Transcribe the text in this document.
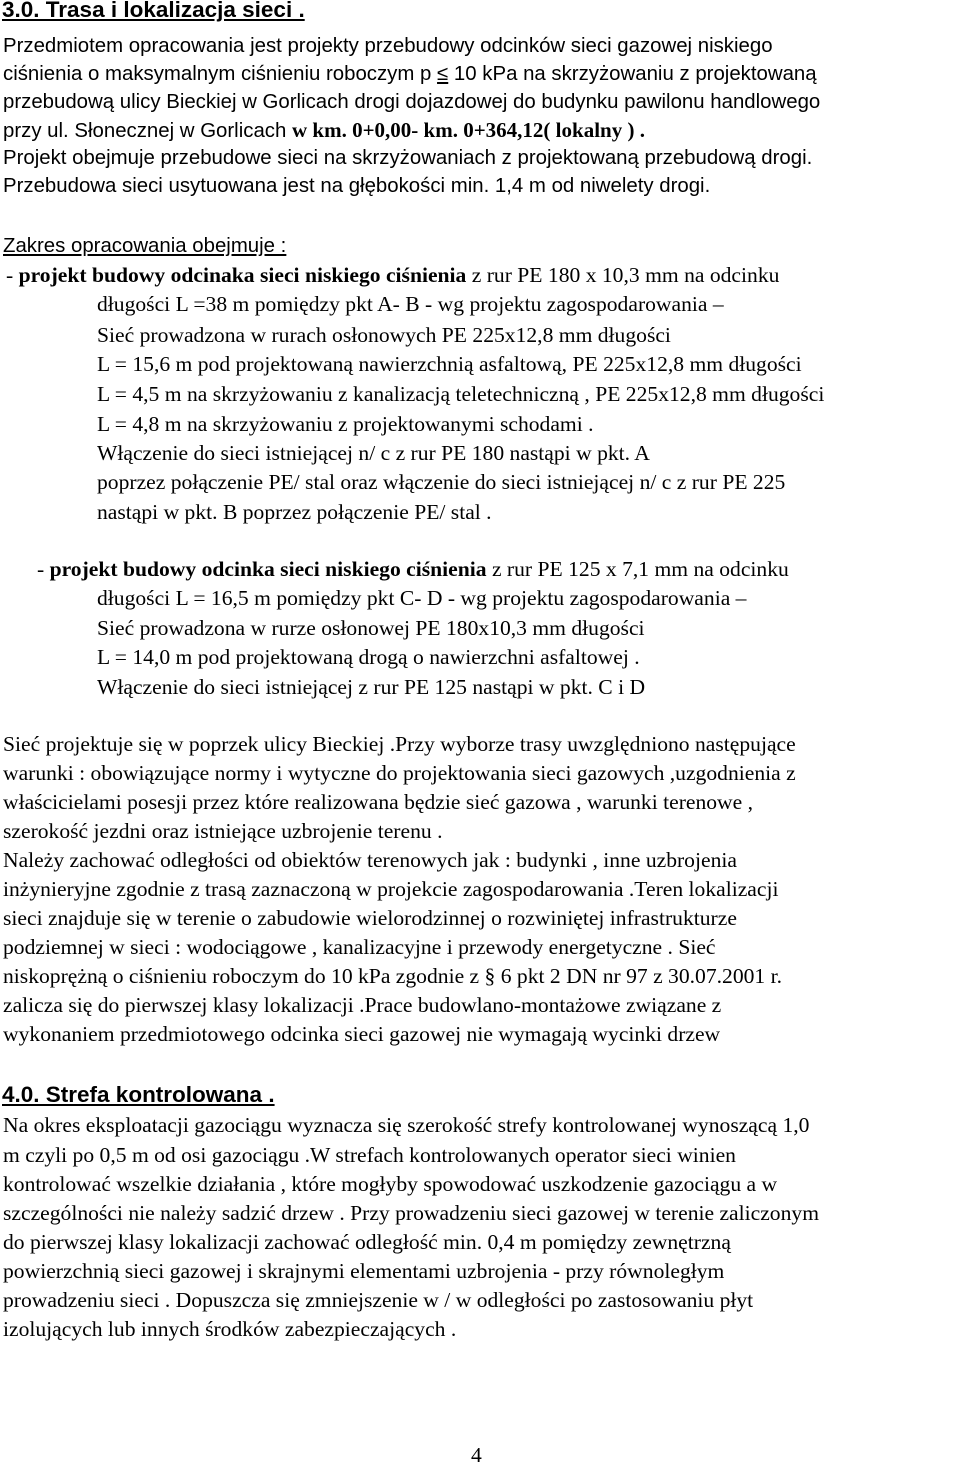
3.0. Trasa i lokalizacja sieci .
Przedmiotem opracowania jest projekty przebudowy odcinków sieci gazowej niskiego
ciśnienia o maksymalnym ciśnieniu roboczym p ≤ 10 kPa na skrzyżowaniu z projektowaną
przebudową ulicy Bieckiej w Gorlicach drogi dojazdowej do budynku pawilonu handlowego
przy ul. Słonecznej w Gorlicach w km. 0+0,00- km. 0+364,12( lokalny ) .
Projekt obejmuje przebudowe sieci na skrzyżowaniach z projektowaną przebudową drogi.
Przebudowa sieci usytuowana jest na głębokości min. 1,4 m od niwelety drogi.
Zakres opracowania obejmuje :
- projekt budowy odcinaka sieci niskiego ciśnienia z rur PE 180 x 10,3 mm na odcinku
długości L =38 m pomiędzy pkt A- B - wg projektu zagospodarowania –
Sieć prowadzona w rurach osłonowych PE 225x12,8 mm długości
L = 15,6 m pod projektowaną nawierzchnią asfaltową, PE 225x12,8 mm długości
L = 4,5 m na skrzyżowaniu z kanalizacją teletechniczną , PE 225x12,8 mm długości
L = 4,8 m na skrzyżowaniu z projektowanymi schodami .
Włączenie do sieci istniejącej n/ c z rur PE 180 nastąpi w pkt. A
poprzez połączenie PE/ stal oraz włączenie do sieci istniejącej n/ c z rur PE 225
nastąpi w pkt. B poprzez połączenie PE/ stal .
- projekt budowy odcinka sieci niskiego ciśnienia z rur PE 125 x 7,1 mm na odcinku
długości L = 16,5 m pomiędzy pkt C- D - wg projektu zagospodarowania –
Sieć prowadzona w rurze osłonowej PE 180x10,3 mm długości
L = 14,0 m pod projektowaną drogą o nawierzchni asfaltowej .
Włączenie do sieci istniejącej z rur PE 125 nastąpi w pkt. C i D
Sieć projektuje się w poprzek ulicy Bieckiej .Przy wyborze trasy uwzględniono następujące
warunki : obowiązujące normy i wytyczne do projektowania sieci gazowych ,uzgodnienia z
właścicielami posesji przez które realizowana będzie sieć gazowa , warunki terenowe ,
szerokość jezdni oraz istniejące uzbrojenie terenu .
Należy zachować odległości od obiektów terenowych jak : budynki , inne uzbrojenia
inżynieryjne zgodnie z trasą zaznaczoną w projekcie zagospodarowania .Teren lokalizacji
sieci znajduje się w terenie o zabudowie wielorodzinnej o rozwiniętej infrastrukturze
podziemnej w sieci : wodociągowe , kanalizacyjne i przewody energetyczne . Sieć
niskoprężną o ciśnieniu roboczym do 10 kPa zgodnie z § 6 pkt 2 DN nr 97 z 30.07.2001 r.
zalicza się do pierwszej klasy lokalizacji .Prace budowlano-montażowe związane z
wykonaniem przedmiotowego odcinka sieci gazowej nie wymagają wycinki drzew
4.0. Strefa kontrolowana .
Na okres eksploatacji gazociągu wyznacza się szerokość strefy kontrolowanej wynoszącą 1,0
m czyli po 0,5 m od osi gazociągu .W strefach kontrolowanych operator sieci winien
kontrolować wszelkie działania , które mogłyby spowodować uszkodzenie gazociągu a w
szczególności nie należy sadzić drzew . Przy prowadzeniu sieci gazowej w terenie zaliczonym
do pierwszej klasy lokalizacji zachować odległość min. 0,4 m pomiędzy zewnętrzną
powierzchnią sieci gazowej i skrajnymi elementami uzbrojenia - przy równoległym
prowadzeniu sieci . Dopuszcza się zmniejszenie w / w odległości po zastosowaniu płyt
izolujących lub innych środków zabezpieczających .
4
